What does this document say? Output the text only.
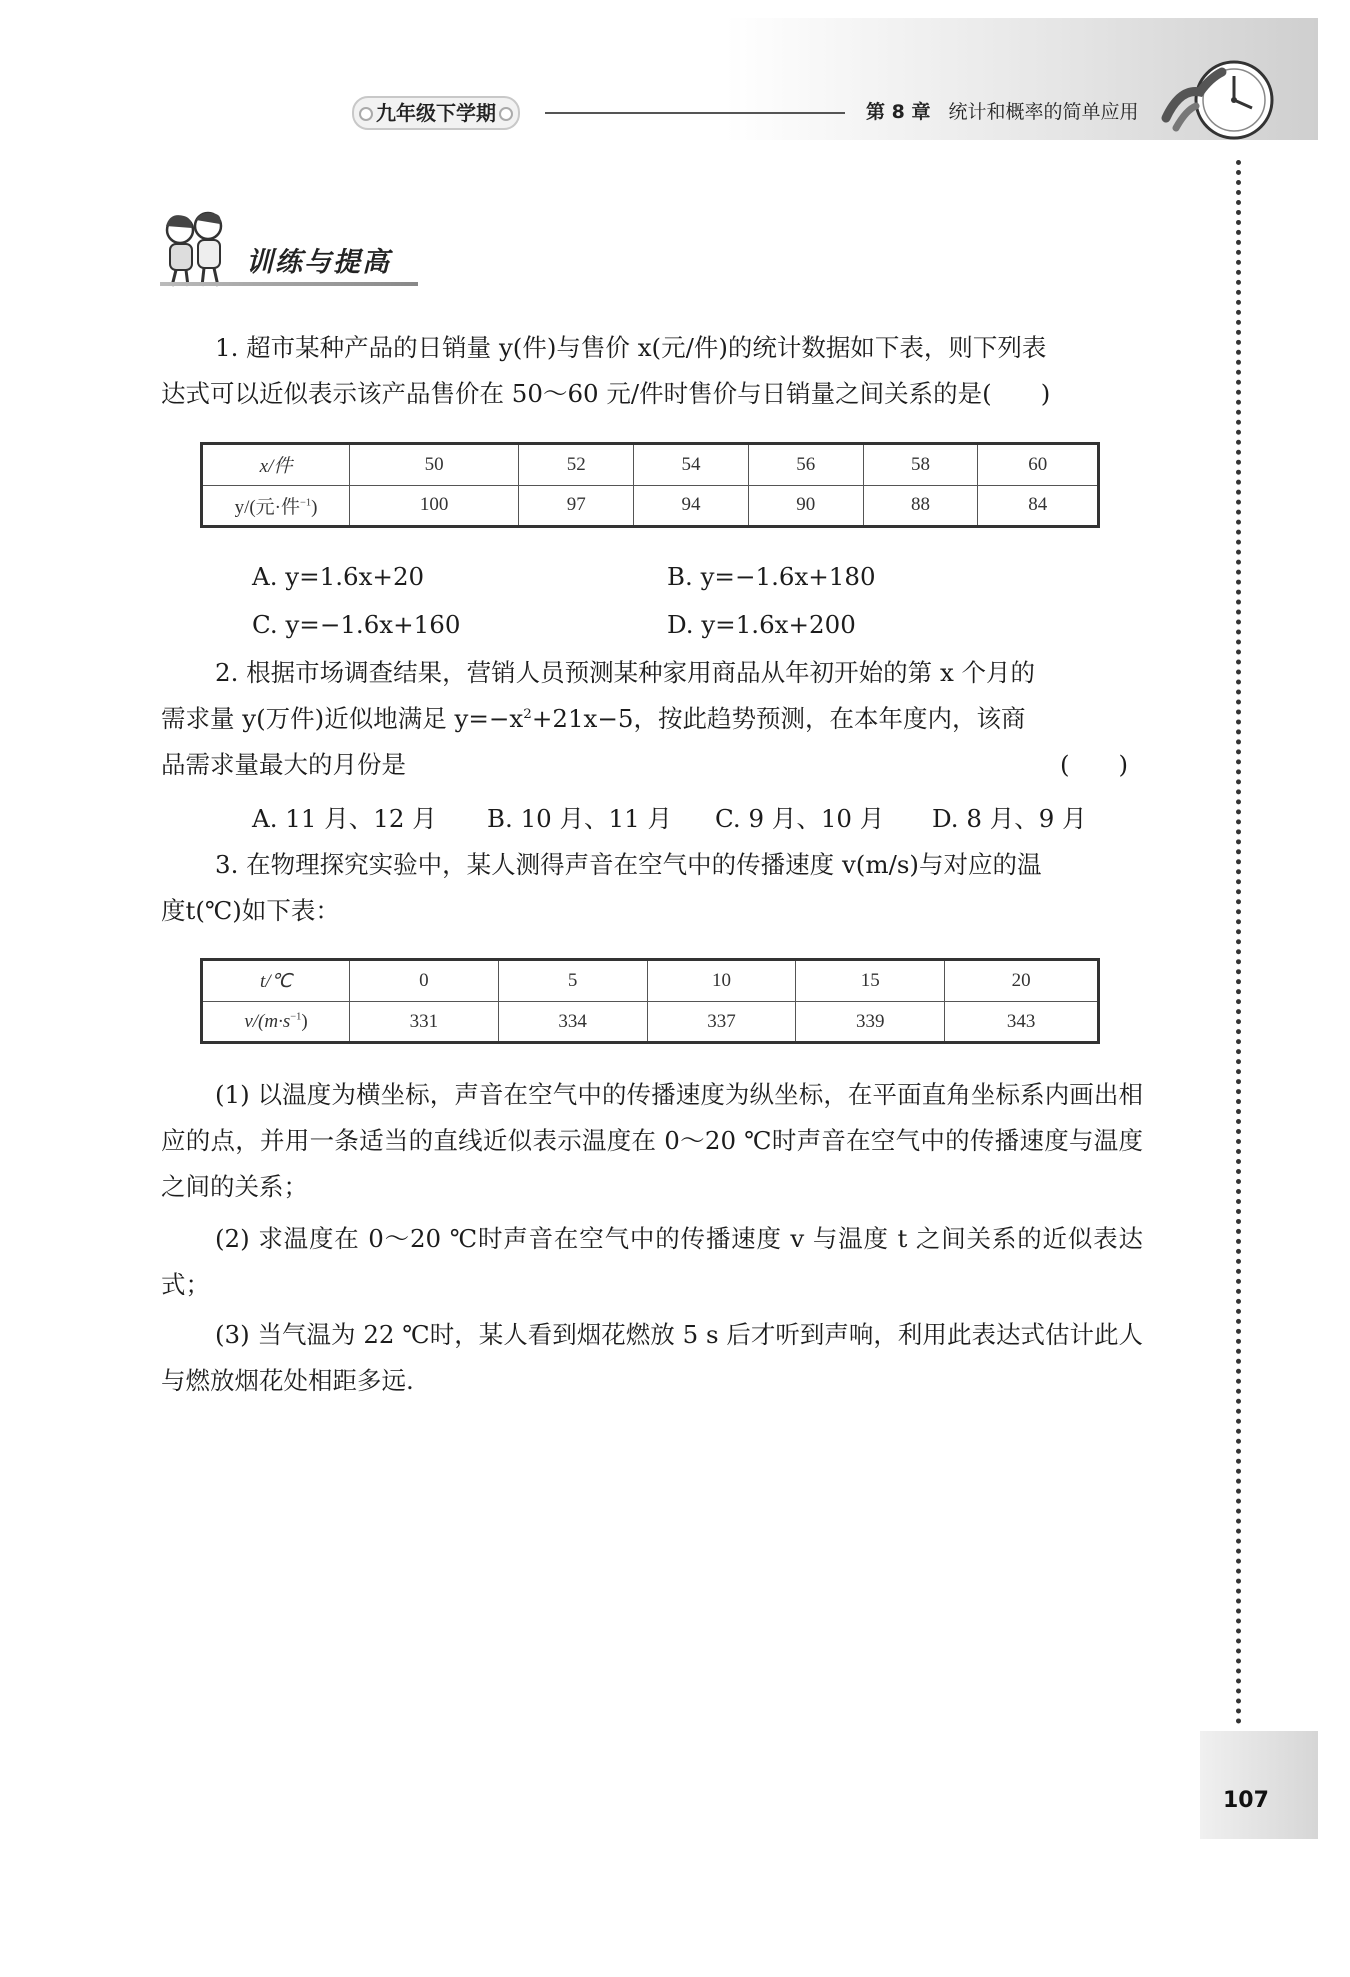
九年级下学期	第 8 章 统计和概率的简单应用
训练与提高
1. 超市某种产品的日销量 y(件)与售价 x(元/件)的统计数据如下表，则下列表
达式可以近似表示该产品售价在 50～60 元/件时售价与日销量之间关系的是(　　)
x/件	50	52	54	56	58	60
y/(元·件$^{-1}$)	100	97	94	90	88	84
A. y=1.6x+20	B. y=−1.6x+180
C. y=−1.6x+160	D. y=1.6x+200
2. 根据市场调查结果，营销人员预测某种家用商品从年初开始的第 x 个月的
需求量 y(万件)近似地满足 $y=-x^2+21x-5$，按此趋势预测，在本年度内，该商
品需求量最大的月份是	(　　)
A. 11 月、12 月 B. 10 月、11 月 C. 9 月、10 月 D. 8 月、9 月
3. 在物理探究实验中，某人测得声音在空气中的传播速度 v(m/s)与对应的温
度t(℃)如下表：
t/℃	0	5	10	15	20
$v/(m\cdot s^{-1})$	331	334	337	339	343
(1) 以温度为横坐标，声音在空气中的传播速度为纵坐标，在平面直角坐标系内画出相应的点，并用一条适当的直线近似表示温度在 0～20 ℃时声音在空气中的传播速度与温度之间的关系；
(2) 求温度在 0～20 ℃时声音在空气中的传播速度 v 与温度 t 之间关系的近似表达式；
(3) 当气温为 22 ℃时，某人看到烟花燃放 5 s 后才听到声响，利用此表达式估计此人与燃放烟花处相距多远.
107
